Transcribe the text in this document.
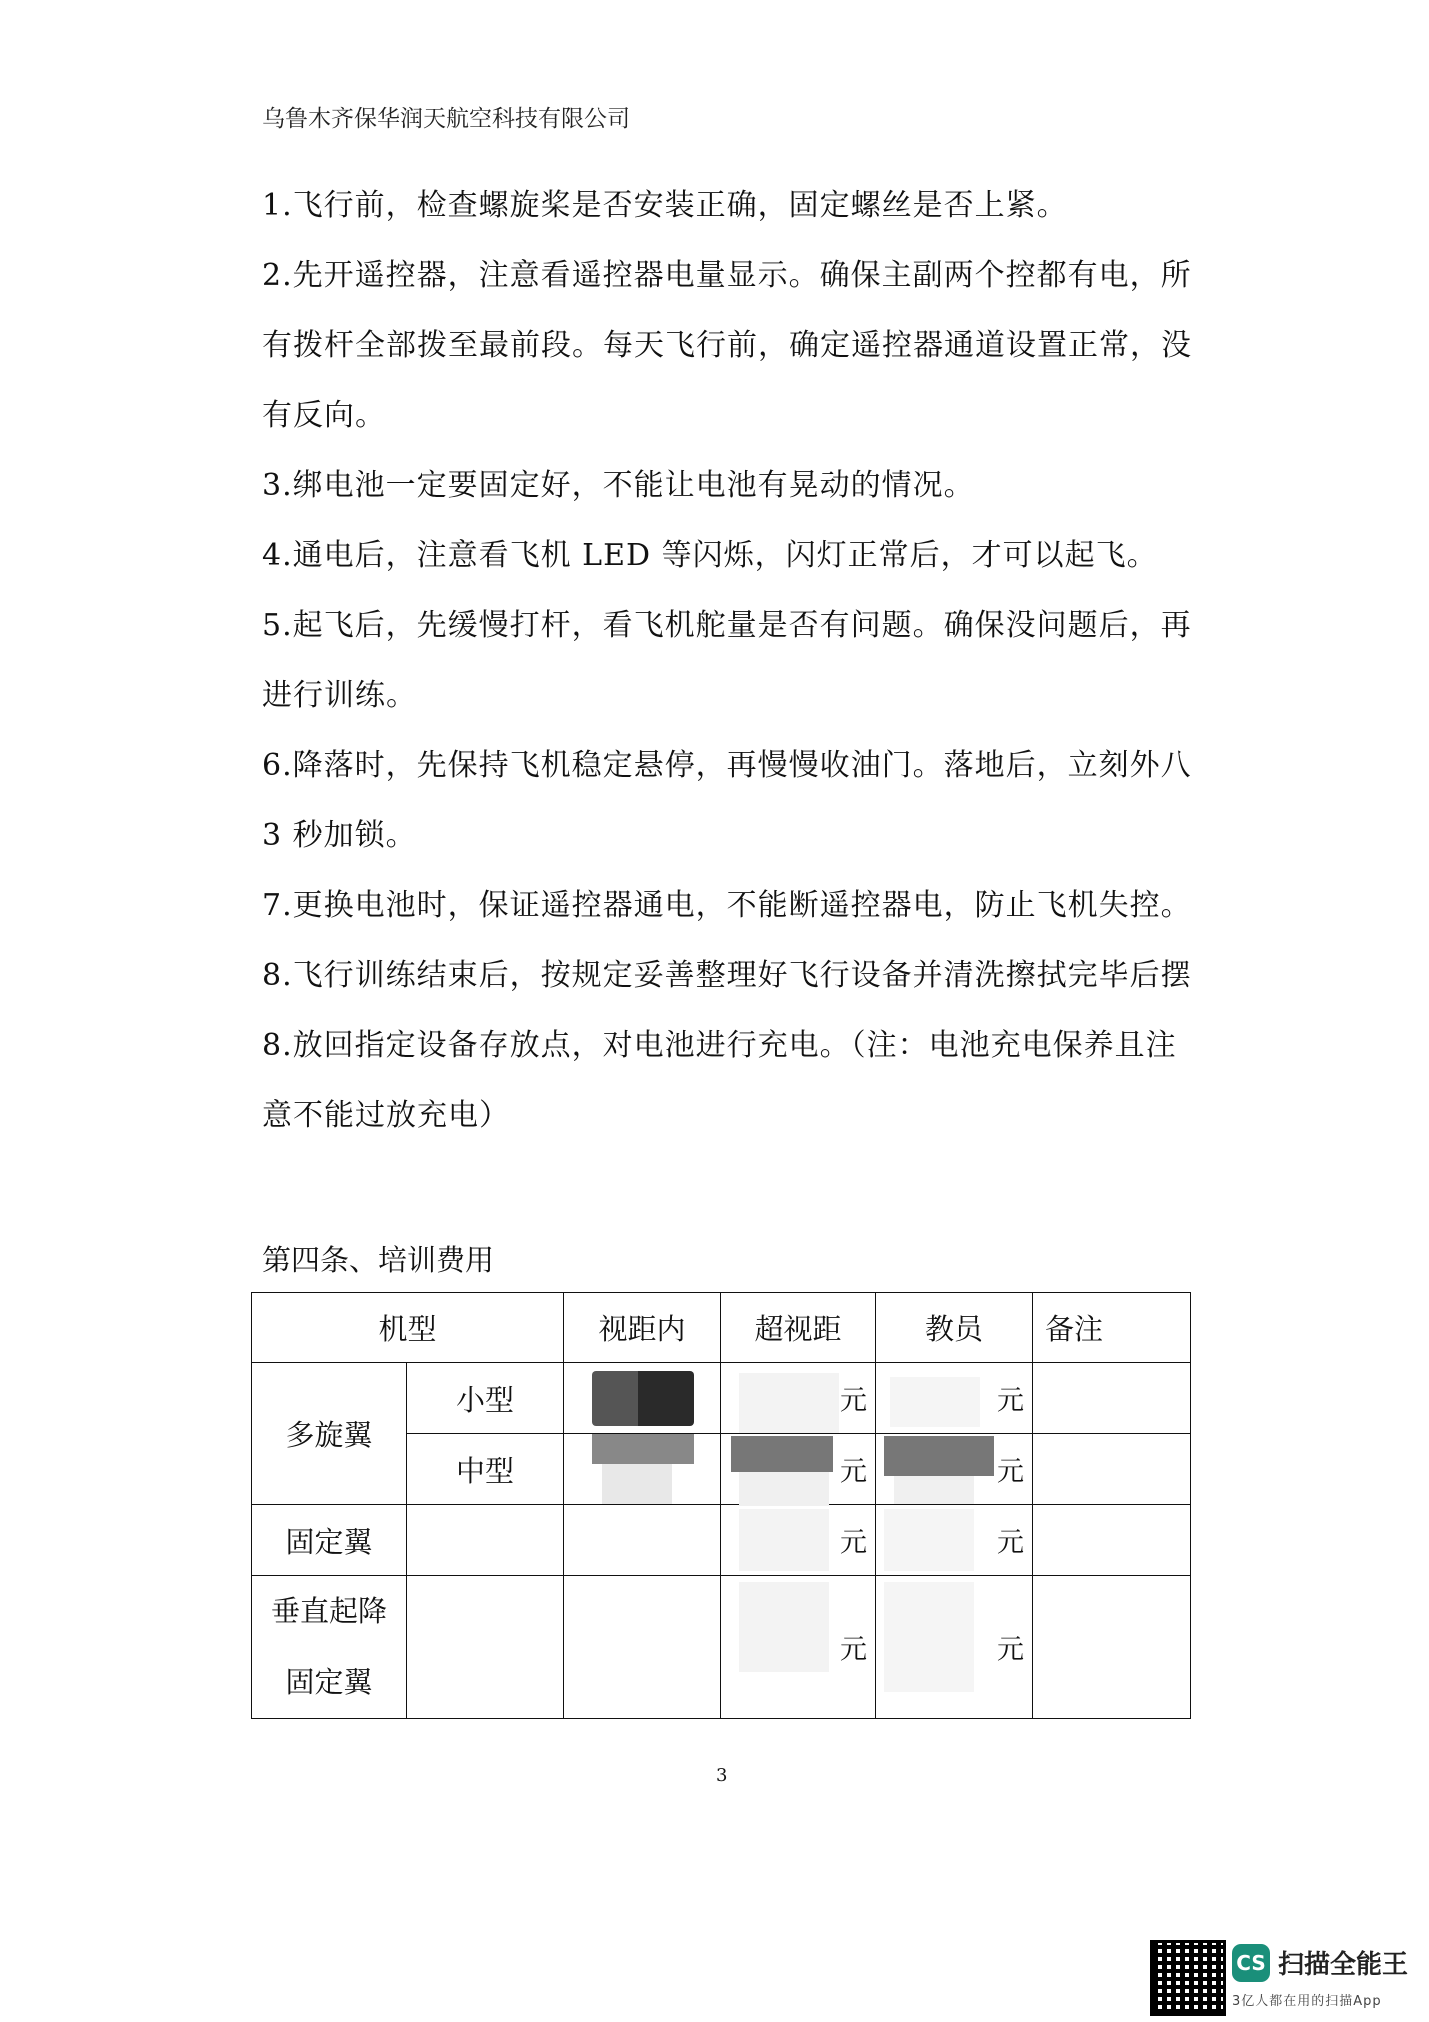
乌鲁木齐保华润天航空科技有限公司
1.飞行前，检查螺旋桨是否安装正确，固定螺丝是否上紧。
2.先开遥控器，注意看遥控器电量显示。确保主副两个控都有电，所
有拨杆全部拨至最前段。每天飞行前，确定遥控器通道设置正常，没
有反向。
3.绑电池一定要固定好，不能让电池有晃动的情况。
4.通电后，注意看飞机 LED 等闪烁，闪灯正常后，才可以起飞。
5.起飞后，先缓慢打杆，看飞机舵量是否有问题。确保没问题后，再
进行训练。
6.降落时，先保持飞机稳定悬停，再慢慢收油门。落地后，立刻外八
3 秒加锁。
7.更换电池时，保证遥控器通电，不能断遥控器电，防止飞机失控。
8.飞行训练结束后，按规定妥善整理好飞行设备并清洗擦拭完毕后摆
8.放回指定设备存放点，对电池进行充电。（注：电池充电保养且注
意不能过放充电）
第四条、培训费用
机型		视距内	超视距	教员	备注
多旋翼	小型		元	元	

	中型		元	元	

固定翼			元	元	

垂直起降
固定翼			元	元	

3
CS 扫描全能王
3亿人都在用的扫描App
